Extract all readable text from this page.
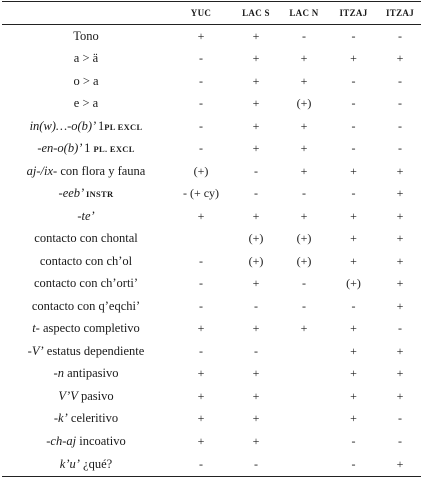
	YUC	LAC S	LAC N	ITZAJ	ITZAJ
Tono	+	+	-	-	-
a > ä	-	+	+	+	+
o > a	-	+	+	-	-
e > a	-	+	(+)	-	-
in(w)…-o(b)’ 1PL EXCL	-	+	+	-	-
-en-o(b)’ 1 PL. EXCL	-	+	+	-	-
aj-/ix- con flora y fauna	(+)	-	+	+	+
-eeb’ INSTR	- (+ cy)	-	-	-	+
-te’	+	+	+	+	+
contacto con chontal		(+)	(+)	+	+
contacto con ch’ol	-	(+)	(+)	+	+
contacto con ch’orti’	-	+	-	(+)	+
contacto con q’eqchi’	-	-	-	-	+
t- aspecto completivo	+	+	+	+	-
-V’ estatus dependiente	-	-		+	+
-n antipasivo	+	+		+	+
V’V pasivo	+	+		+	+
-k’ celeritivo	+	+		+	-
-ch-aj incoativo	+	+		-	-
k’u’ ¿qué?	-	-		-	+
